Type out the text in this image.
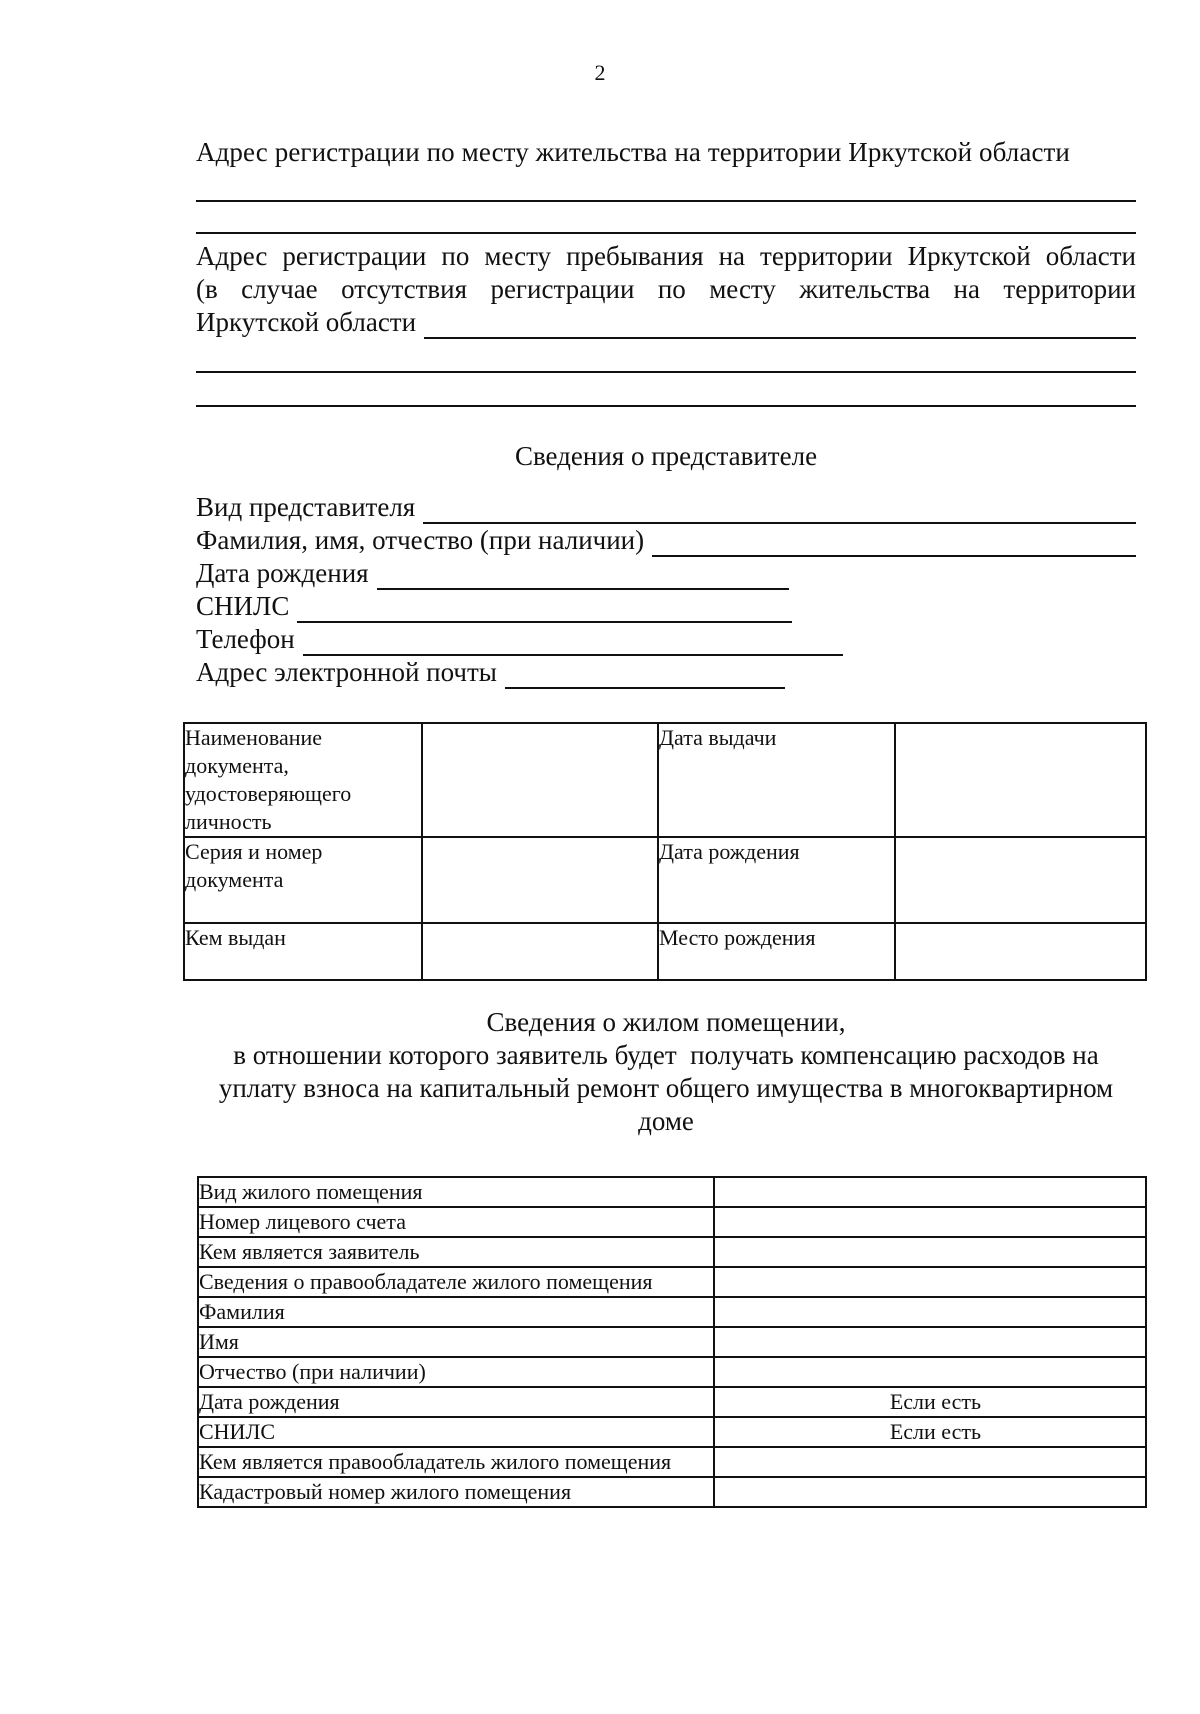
2
Адрес регистрации по месту жительства на территории Иркутской области
Адрес регистрации по месту пребывания на территории Иркутской области
(в случае отсутствия регистрации по месту жительства на территории
Иркутской области
Сведения о представителе
Вид представителя
Фамилия, имя, отчество (при наличии)
Дата рождения
СНИЛС
Телефон
Адрес электронной почты
Наименование документа, удостоверяющего личность		Дата выдачи	
Серия и номер документа		Дата рождения	
Кем выдан		Место рождения	
Сведения о жилом помещении,
в отношении которого заявитель будет  получать компенсацию расходов на
уплату взноса на капитальный ремонт общего имущества в многоквартирном
доме
Вид жилого помещения	
Номер лицевого счета	
Кем является заявитель	
Сведения о правообладателе жилого помещения	
Фамилия	
Имя	
Отчество (при наличии)	
Дата рождения	Если есть
СНИЛС	Если есть
Кем является правообладатель жилого помещения	
Кадастровый номер жилого помещения	
